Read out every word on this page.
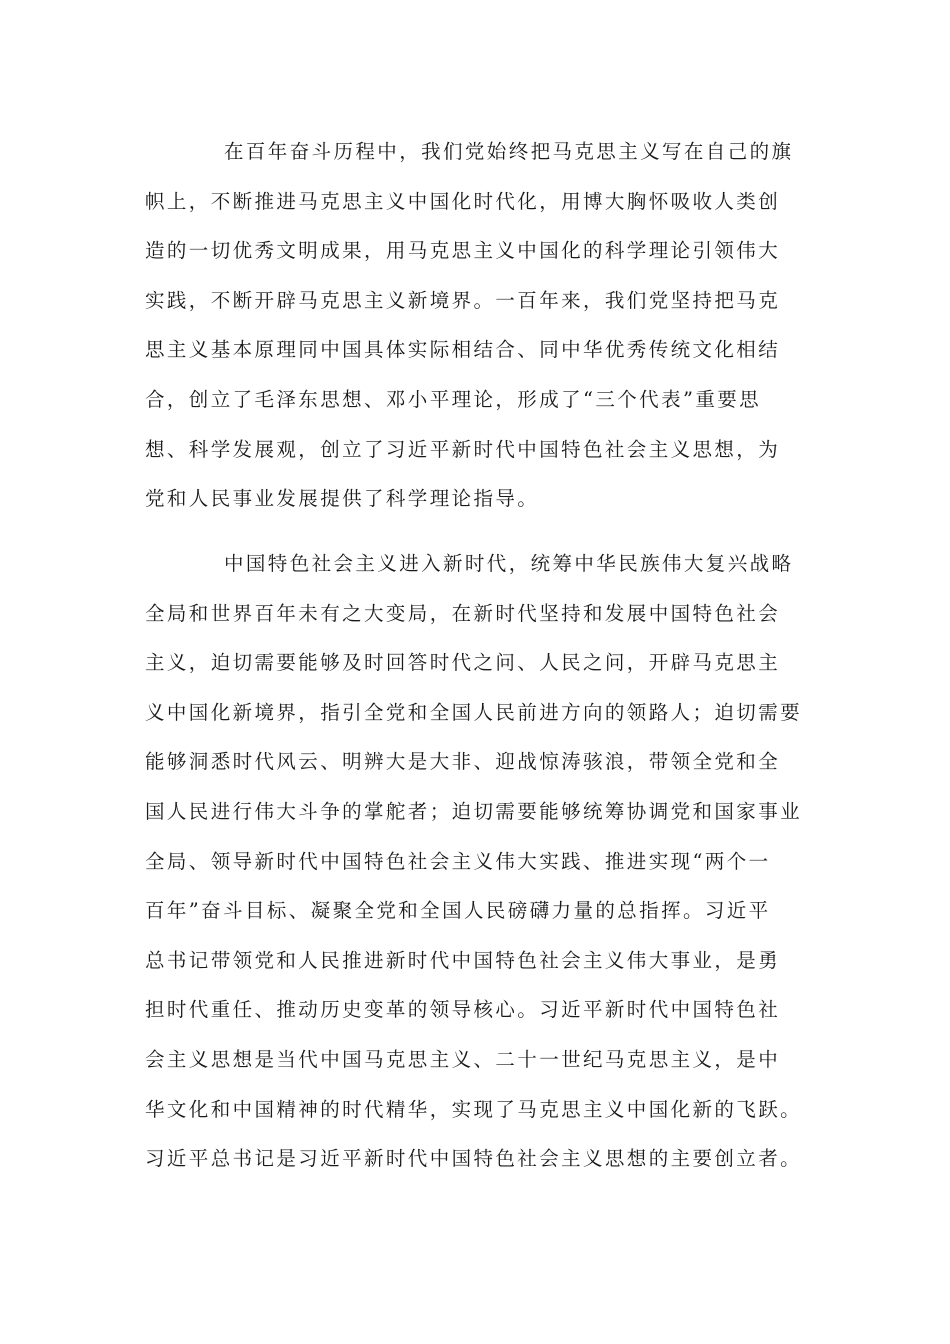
在百年奋斗历程中，我们党始终把马克思主义写在自己的旗
帜上，不断推进马克思主义中国化时代化，用博大胸怀吸收人类创
造的一切优秀文明成果，用马克思主义中国化的科学理论引领伟大
实践，不断开辟马克思主义新境界。一百年来，我们党坚持把马克
思主义基本原理同中国具体实际相结合、同中华优秀传统文化相结
合，创立了毛泽东思想、邓小平理论，形成了“三个代表”重要思
想、科学发展观，创立了习近平新时代中国特色社会主义思想，为
党和人民事业发展提供了科学理论指导。
中国特色社会主义进入新时代，统筹中华民族伟大复兴战略
全局和世界百年未有之大变局，在新时代坚持和发展中国特色社会
主义，迫切需要能够及时回答时代之问、人民之问，开辟马克思主
义中国化新境界，指引全党和全国人民前进方向的领路人；迫切需要
能够洞悉时代风云、明辨大是大非、迎战惊涛骇浪，带领全党和全
国人民进行伟大斗争的掌舵者；迫切需要能够统筹协调党和国家事业
全局、领导新时代中国特色社会主义伟大实践、推进实现“两个一
百年”奋斗目标、凝聚全党和全国人民磅礴力量的总指挥。习近平
总书记带领党和人民推进新时代中国特色社会主义伟大事业，是勇
担时代重任、推动历史变革的领导核心。习近平新时代中国特色社
会主义思想是当代中国马克思主义、二十一世纪马克思主义，是中
华文化和中国精神的时代精华，实现了马克思主义中国化新的飞跃。
习近平总书记是习近平新时代中国特色社会主义思想的主要创立者。
